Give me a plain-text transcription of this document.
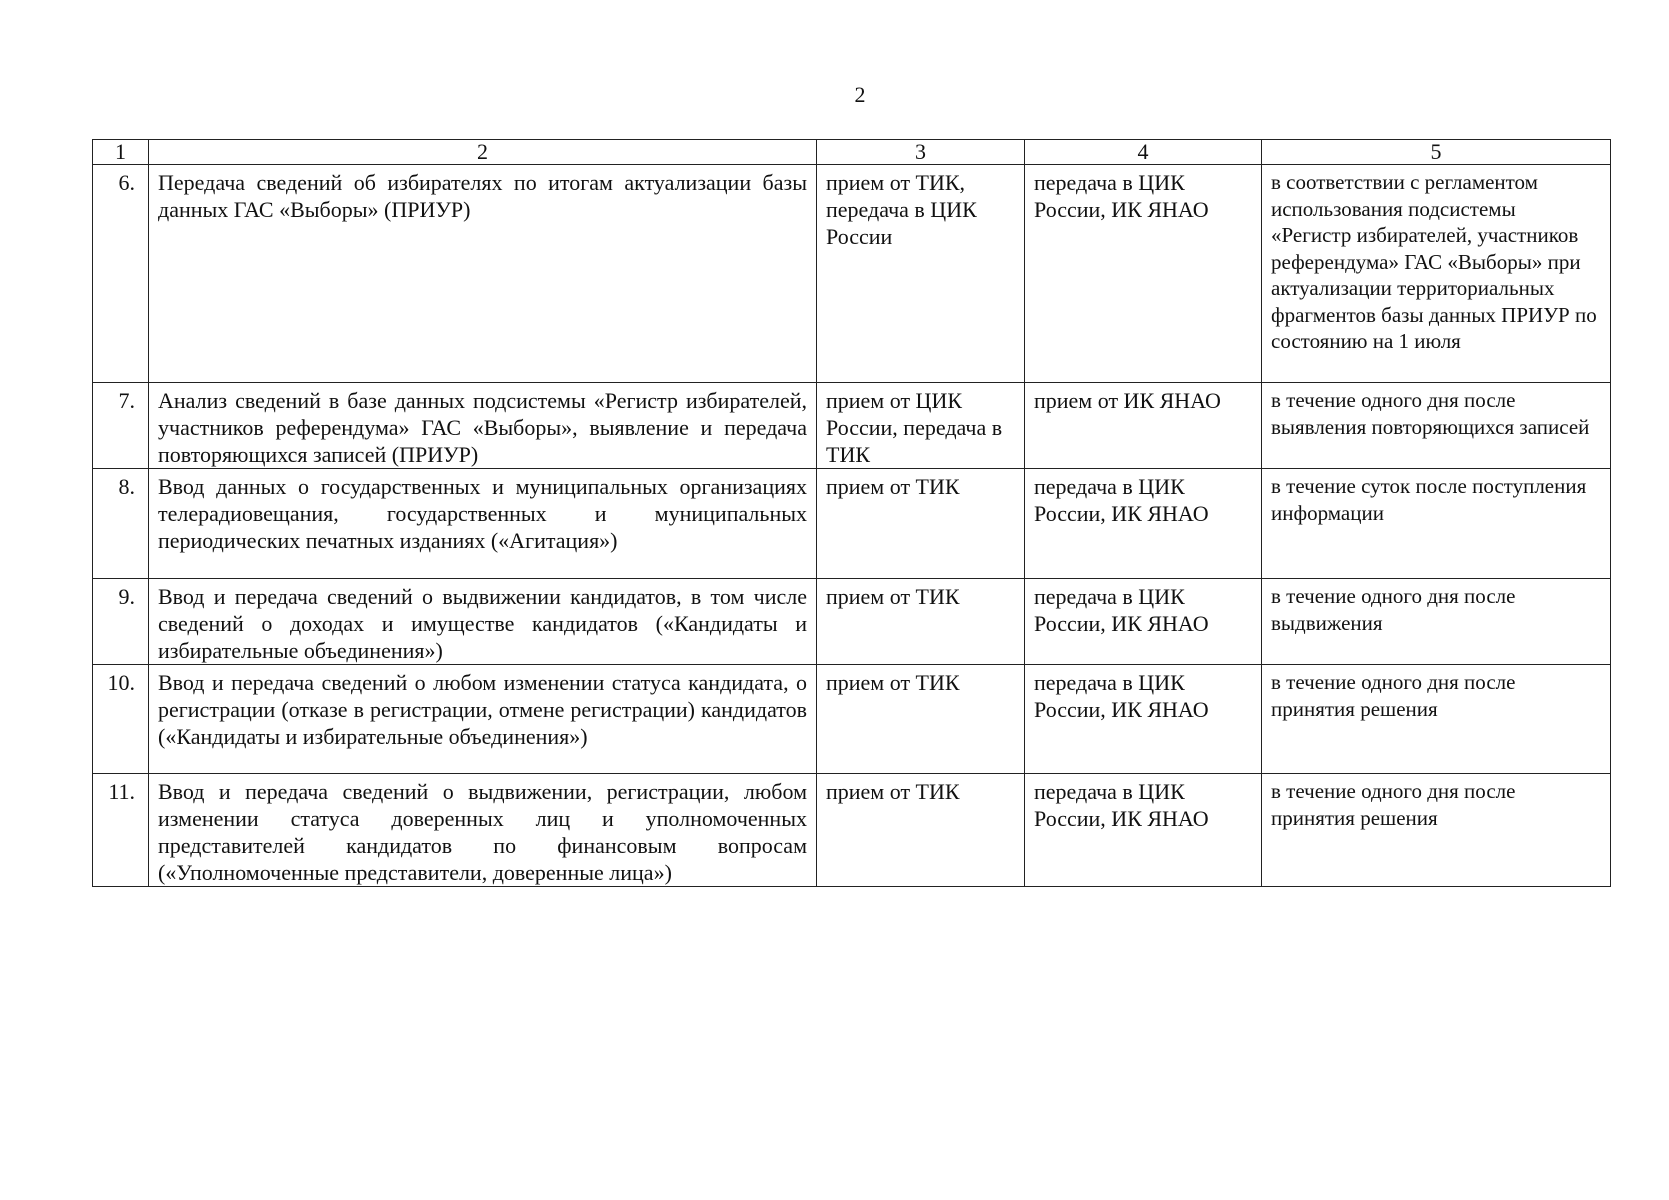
2
1	2	3	4	5
6.	Передача сведений об избирателях по итогам актуализации базы данных ГАС «Выборы» (ПРИУР)	прием от ТИК, передача в ЦИК России	передача в ЦИК России, ИК ЯНАО	в соответствии с регламентом использования подсистемы «Регистр избирателей, участников референдума» ГАС «Выборы» при актуализации территориальных фрагментов базы данных ПРИУР по состоянию на 1 июля
7.	Анализ сведений в базе данных подсистемы «Регистр избирателей, участников референдума» ГАС «Выборы», выявление и передача повторяющихся записей (ПРИУР)	прием от ЦИК России, передача в ТИК	прием от ИК ЯНАО	в течение одного дня после выявления повторяющихся записей
8.	Ввод данных о государственных и муниципальных организациях телерадиовещания, государственных и муниципальных периодических печатных изданиях («Агитация»)	прием от ТИК	передача в ЦИК России, ИК ЯНАО	в течение суток после поступления информации
9.	Ввод и передача сведений о выдвижении кандидатов, в том числе сведений о доходах и имуществе кандидатов («Кандидаты и избирательные объединения»)	прием от ТИК	передача в ЦИК России, ИК ЯНАО	в течение одного дня после выдвижения
10.	Ввод и передача сведений о любом изменении статуса кандидата, о регистрации (отказе в регистрации, отмене регистрации) кандидатов («Кандидаты и избирательные объединения»)	прием от ТИК	передача в ЦИК России, ИК ЯНАО	в течение одного дня после принятия решения
11.	Ввод и передача сведений о выдвижении, регистрации, любом изменении статуса доверенных лиц и уполномоченных представителей кандидатов по финансовым вопросам («Уполномоченные представители, доверенные лица»)	прием от ТИК	передача в ЦИК России, ИК ЯНАО	в течение одного дня после принятия решения
